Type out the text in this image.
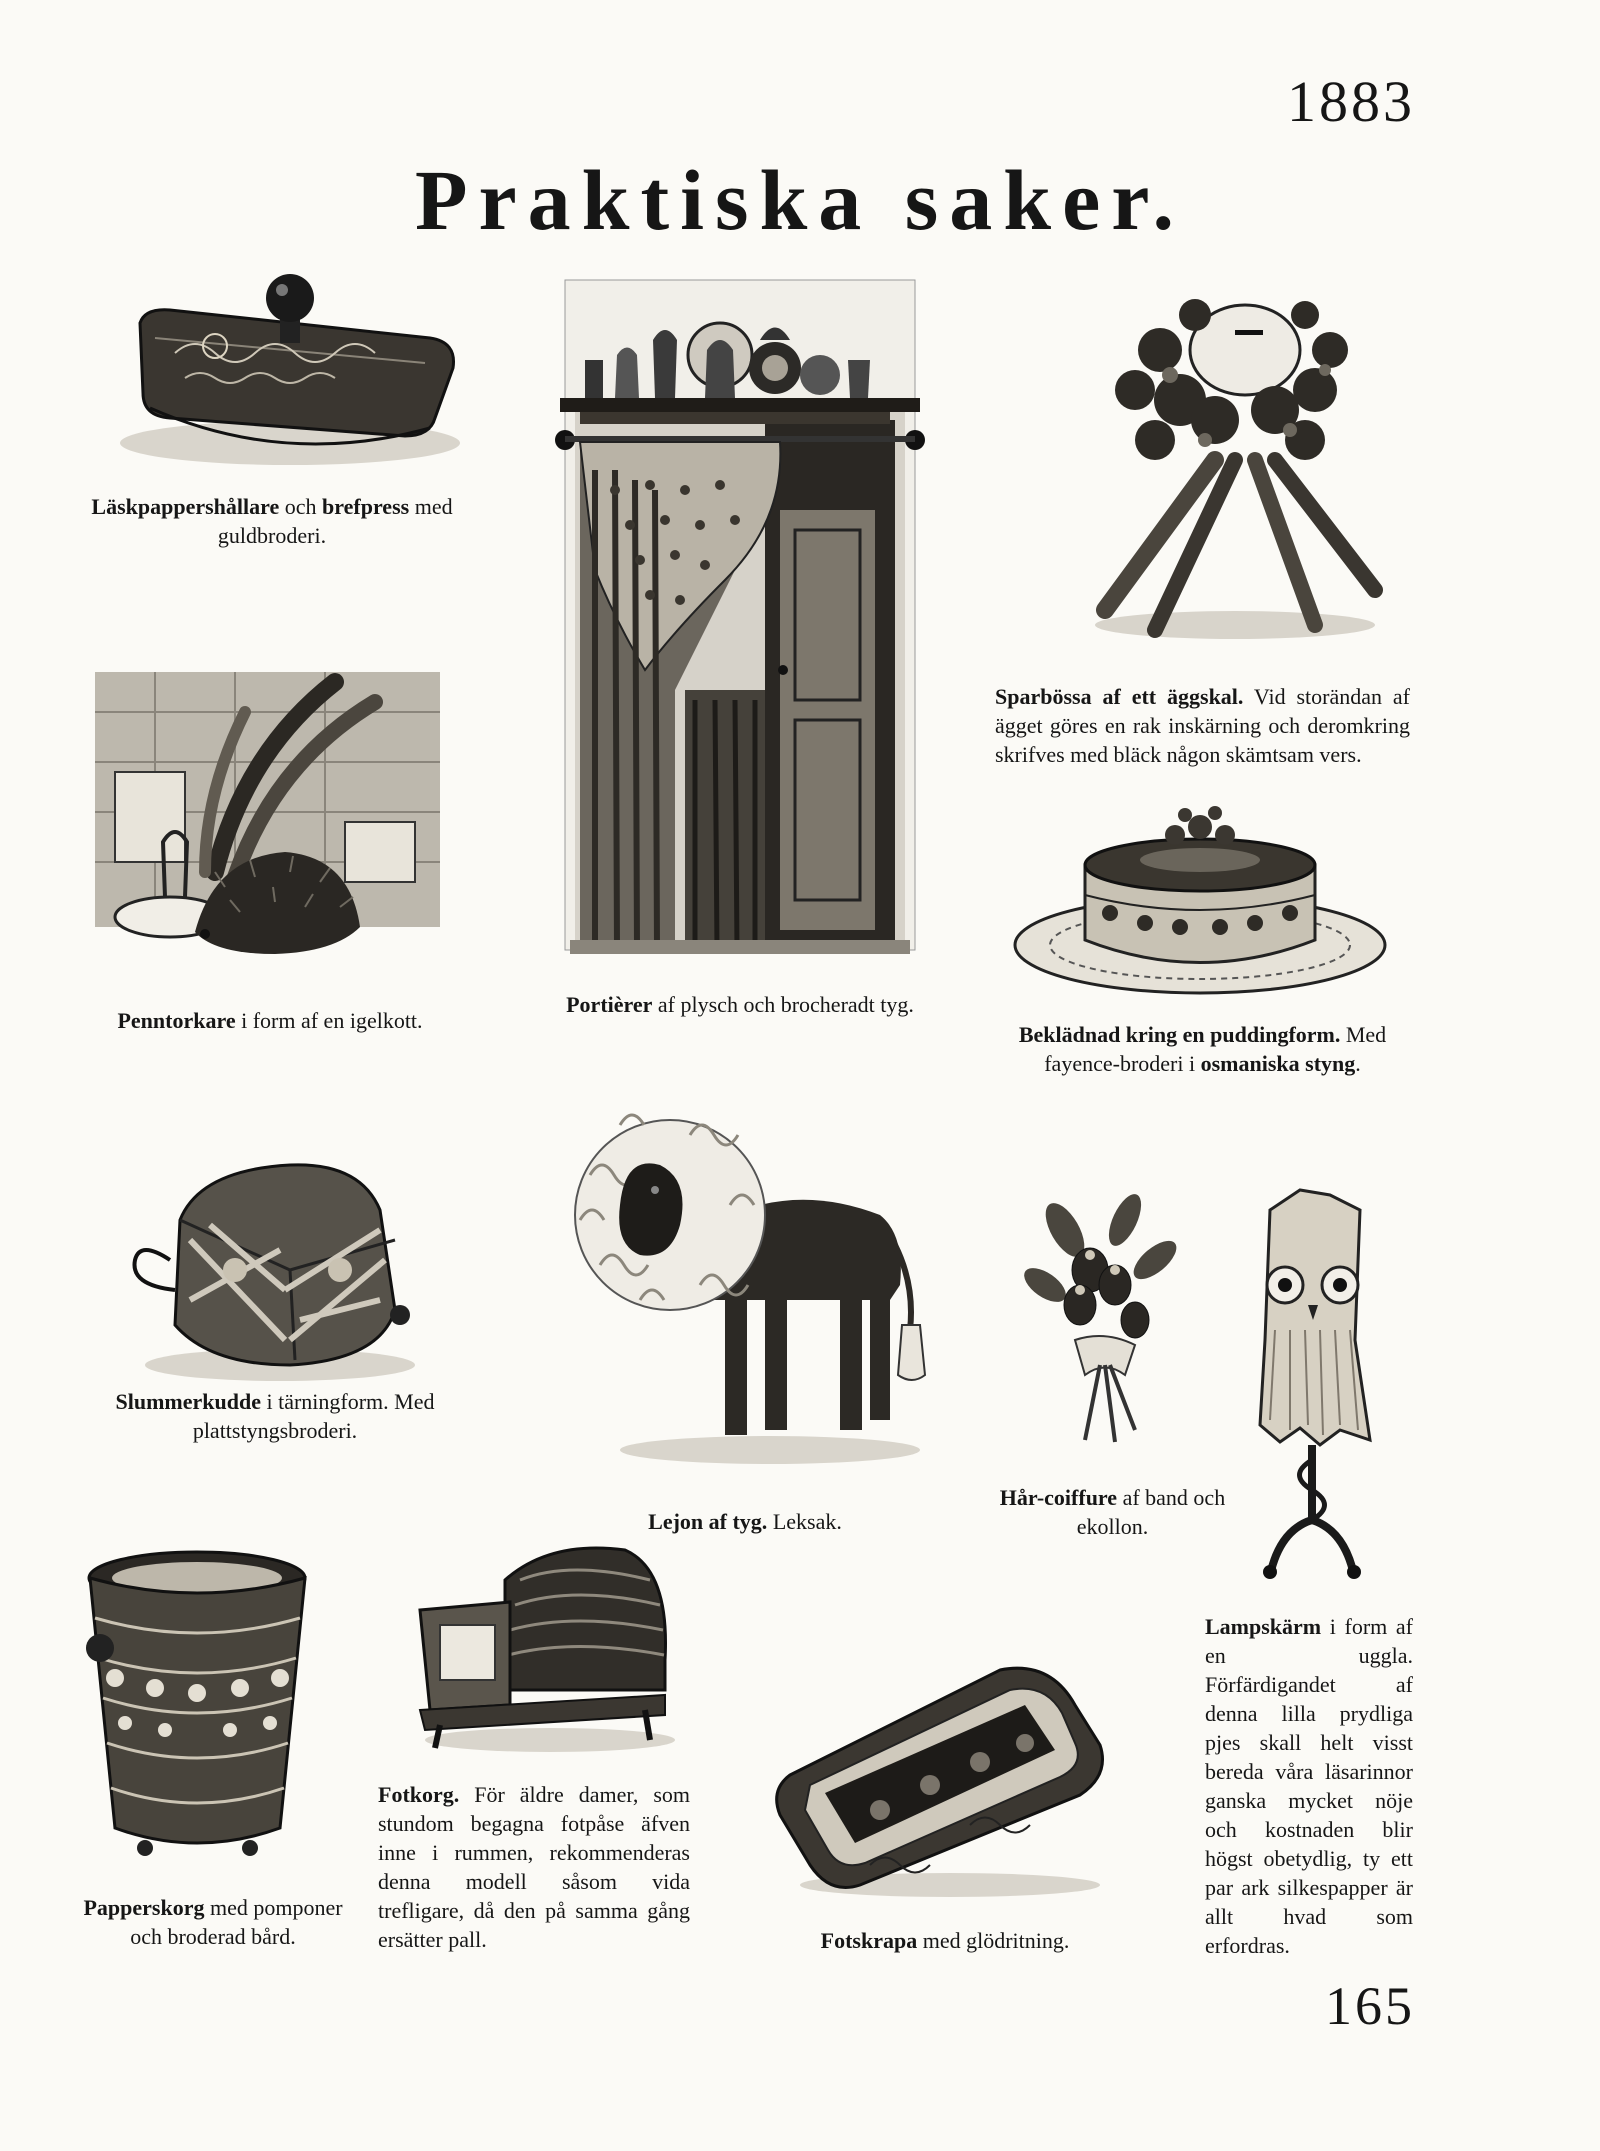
1883
Praktiska saker.
165
Läskpappershållare och brefpress med guldbroderi.
Portièrer af plysch och brocheradt tyg.
Sparbössa af ett äggskal. Vid storändan af ägget göres en rak inskärning och deromkring skrifves med bläck någon skämtsam vers.
Penntorkare i form af en igelkott.
Beklädnad kring en puddingform. Med fayence-broderi i osmaniska styng.
Slummerkudde i tärningform. Med plattstyngsbroderi.
Lejon af tyg. Leksak.
Hår-coiffure af band och ekollon.
Lampskärm i form af en uggla. Förfärdigandet af denna lilla prydliga pjes skall helt visst bereda våra läsarinnor ganska mycket nöje och kostnaden blir högst obetydlig, ty ett par ark silkespapper är allt hvad som erfordras.
Papperskorg med pomponer och broderad bård.
Fotkorg. För äldre damer, som stundom begagna fotpåse äfven inne i rummen, rekommenderas denna modell såsom vida trefligare, då den på samma gång ersätter pall.	Fotskrapa med glödritning.
